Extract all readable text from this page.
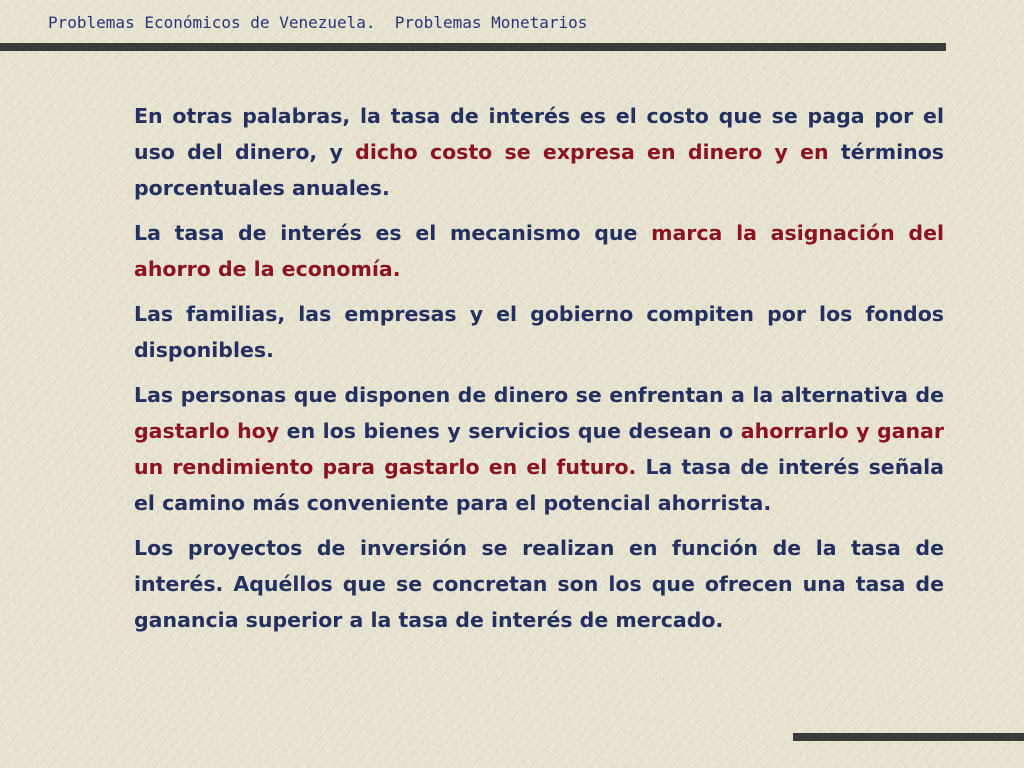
Problemas Económicos de Venezuela.  Problemas Monetarios

En otras palabras, la tasa de interés es el costo que se paga por el uso del dinero, y dicho costo se expresa en dinero y en términos porcentuales anuales.

La tasa de interés es el mecanismo que marca la asignación del ahorro de la economía.

Las familias, las empresas y el gobierno compiten por los fondos disponibles.

Las personas que disponen de dinero se enfrentan a la alternativa de gastarlo hoy en los bienes y servicios que desean o ahorrarlo y ganar un rendimiento para gastarlo en el futuro. La tasa de interés señala el camino más conveniente para el potencial ahorrista.

Los proyectos de inversión se realizan en función de la tasa de interés. Aquéllos que se concretan son los que ofrecen una tasa de ganancia superior a la tasa de interés de mercado.
